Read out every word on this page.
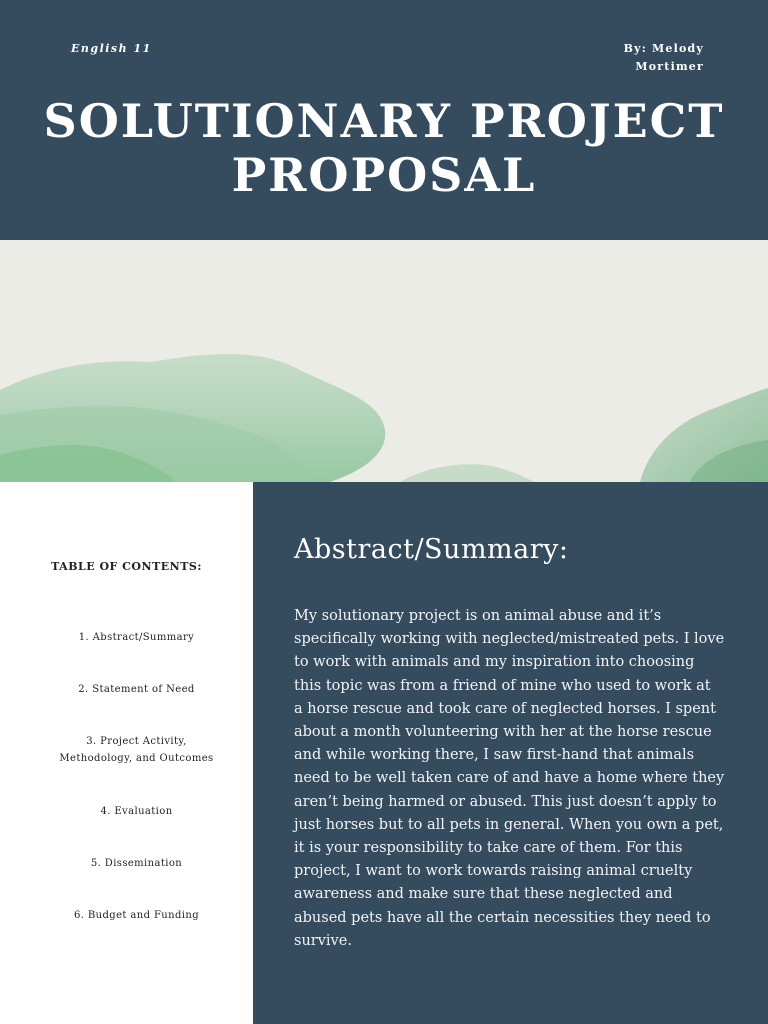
English 11	By: Melody
Mortimer
SOLUTIONARY PROJECT
PROPOSAL
TABLE OF CONTENTS:
1. Abstract/Summary
2. Statement of Need
3. Project Activity,
Methodology, and Outcomes
4. Evaluation
5. Dissemination
6. Budget and Funding
Abstract/Summary:
My solutionary project is on animal abuse and it’s
specifically working with neglected/mistreated pets. I love
to work with animals and my inspiration into choosing
this topic was from a friend of mine who used to work at
a horse rescue and took care of neglected horses. I spent
about a month volunteering with her at the horse rescue
and while working there, I saw first-hand that animals
need to be well taken care of and have a home where they
aren’t being harmed or abused. This just doesn’t apply to
just horses but to all pets in general. When you own a pet,
it is your responsibility to take care of them. For this
project, I want to work towards raising animal cruelty
awareness and make sure that these neglected and
abused pets have all the certain necessities they need to
survive.
